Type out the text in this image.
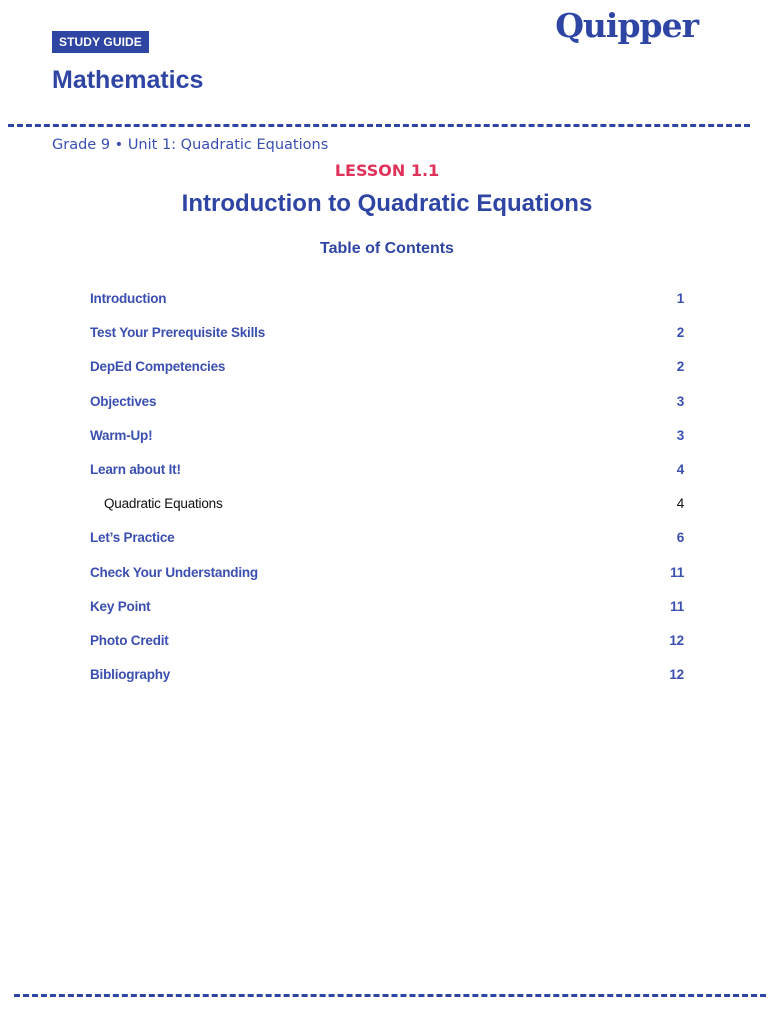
STUDY GUIDE	Quipper
Mathematics
Grade 9 • Unit 1: Quadratic Equations
LESSON 1.1
Introduction to Quadratic Equations
Table of Contents
Introduction	1
Test Your Prerequisite Skills	2
DepEd Competencies	2
Objectives	3
Warm-Up!	3
Learn about It!	4
Quadratic Equations	4
Let’s Practice	6
Check Your Understanding	11
Key Point	11
Photo Credit	12
Bibliography	12
